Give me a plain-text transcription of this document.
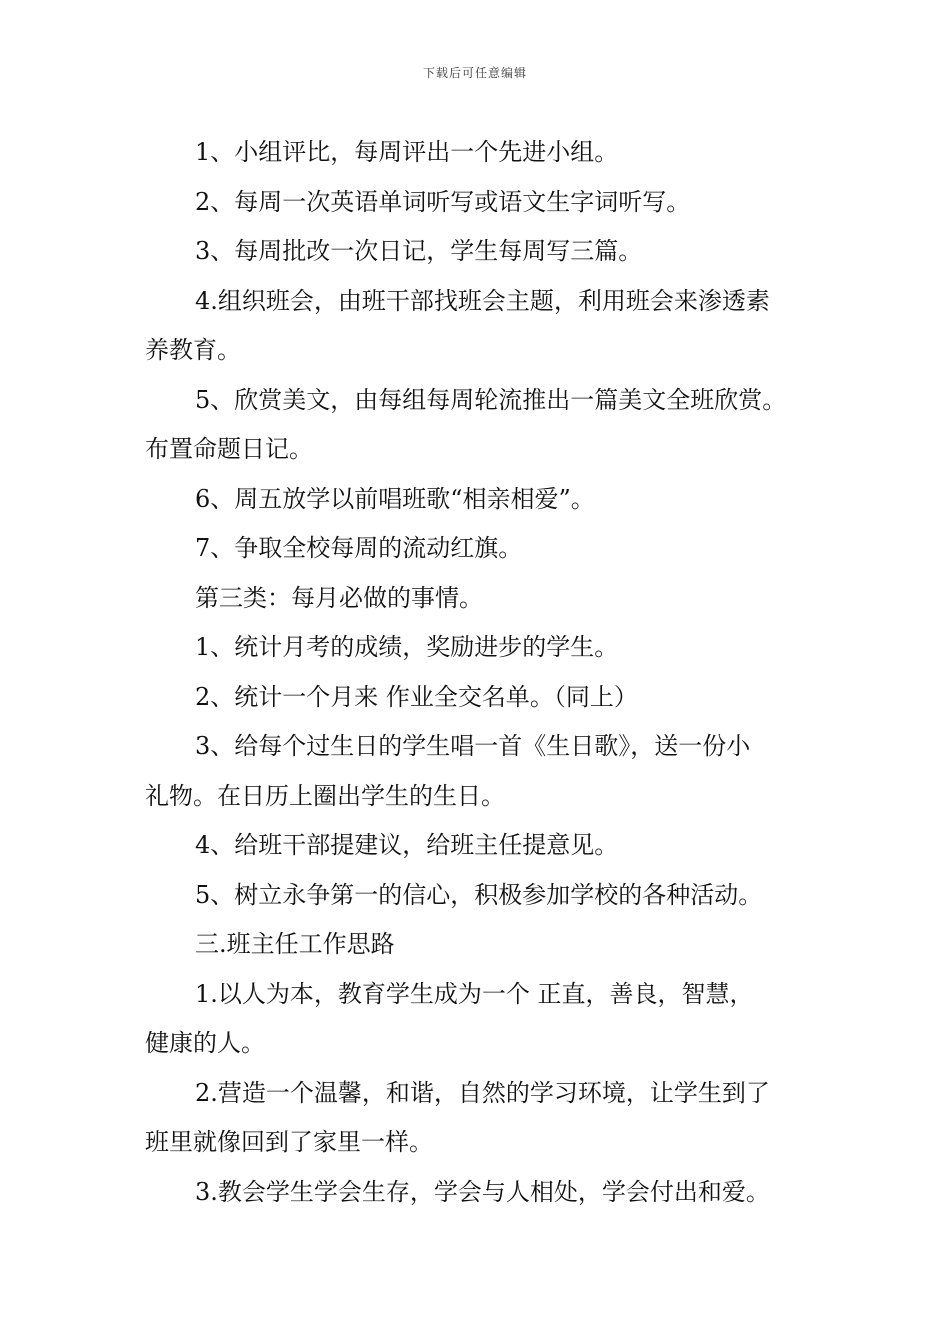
下载后可任意编辑

1、小组评比，每周评出一个先进小组。

2、每周一次英语单词听写或语文生字词听写。

3、每周批改一次日记，学生每周写三篇。

4.组织班会，由班干部找班会主题，利用班会来渗透素
养教育。

5、欣赏美文，由每组每周轮流推出一篇美文全班欣赏。
布置命题日记。

6、周五放学以前唱班歌“相亲相爱”。

7、争取全校每周的流动红旗。

第三类：每月必做的事情。

1、统计月考的成绩，奖励进步的学生。

2、统计一个月来 作业全交名单。（同上）

3、给每个过生日的学生唱一首《生日歌》，送一份小
礼物。在日历上圈出学生的生日。

4、给班干部提建议，给班主任提意见。

5、树立永争第一的信心，积极参加学校的各种活动。

三.班主任工作思路

1.以人为本，教育学生成为一个 正直，善良，智慧，
健康的人。

2.营造一个温馨，和谐，自然的学习环境，让学生到了
班里就像回到了家里一样。

3.教会学生学会生存，学会与人相处，学会付出和爱。
